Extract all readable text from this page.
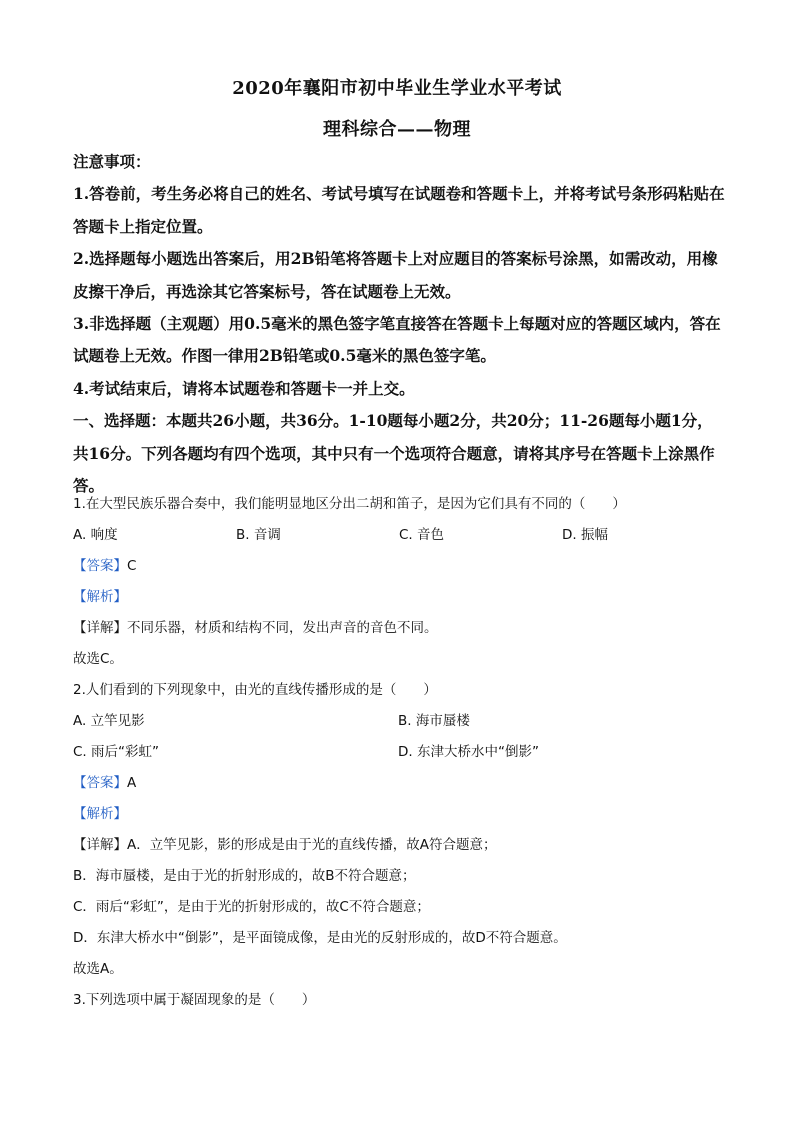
2020年襄阳市初中毕业生学业水平考试
理科综合——物理

注意事项：

1.答卷前，考生务必将自己的姓名、考试号填写在试题卷和答题卡上，并将考试号条形码粘贴在答题卡上指定位置。

2.选择题每小题选出答案后，用2B铅笔将答题卡上对应题目的答案标号涂黑，如需改动，用橡皮擦干净后，再选涂其它答案标号，答在试题卷上无效。

3.非选择题（主观题）用0.5毫米的黑色签字笔直接答在答题卡上每题对应的答题区域内，答在试题卷上无效。作图一律用2B铅笔或0.5毫米的黑色签字笔。

4.考试结束后，请将本试题卷和答题卡一并上交。

一、选择题：本题共26小题，共36分。1-10题每小题2分，共20分；11-26题每小题1分，共16分。下列各题均有四个选项，其中只有一个选项符合题意，请将其序号在答题卡上涂黑作答。

1.在大型民族乐器合奏中，我们能明显地区分出二胡和笛子，是因为它们具有不同的（　　）

A. 响度	B. 音调	C. 音色	D. 振幅

【答案】C

【解析】

【详解】不同乐器，材质和结构不同，发出声音的音色不同。

故选C。

2.人们看到的下列现象中，由光的直线传播形成的是（　　）

A. 立竿见影	B. 海市蜃楼
C. 雨后“彩虹”	D. 东津大桥水中“倒影”

【答案】A

【解析】

【详解】A．立竿见影，影的形成是由于光的直线传播，故A符合题意；

B．海市蜃楼，是由于光的折射形成的，故B不符合题意；

C．雨后“彩虹”，是由于光的折射形成的，故C不符合题意；

D．东津大桥水中“倒影”，是平面镜成像，是由光的反射形成的，故D不符合题意。

故选A。

3.下列选项中属于凝固现象的是（　　）
